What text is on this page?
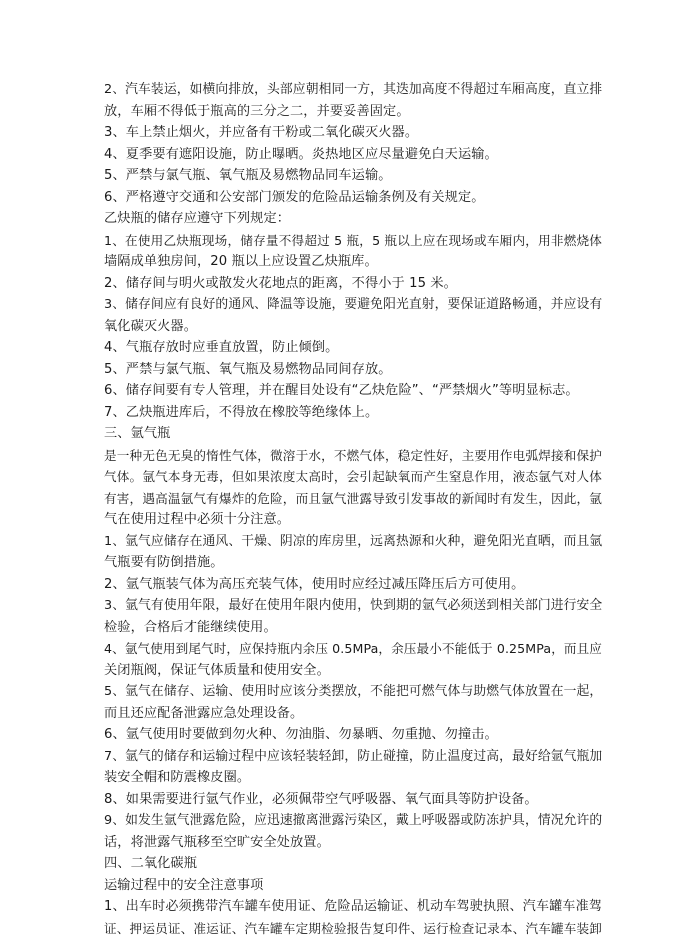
2、汽车装运，如横向排放，头部应朝相同一方，其迭加高度不得超过车厢高度，直立排
放，车厢不得低于瓶高的三分之二，并要妥善固定。
3、车上禁止烟火，并应备有干粉或二氧化碳灭火器。
4、夏季要有遮阳设施，防止曝晒。炎热地区应尽量避免白天运输。
5、严禁与氯气瓶、氧气瓶及易燃物品同车运输。
6、严格遵守交通和公安部门颁发的危险品运输条例及有关规定。
乙炔瓶的储存应遵守下列规定：
1、在使用乙炔瓶现场，储存量不得超过 5 瓶，5 瓶以上应在现场或车厢内，用非燃烧体
墙隔成单独房间，20 瓶以上应设置乙炔瓶库。
2、储存间与明火或散发火花地点的距离，不得小于 15 米。
3、储存间应有良好的通风、降温等设施，要避免阳光直射，要保证道路畅通，并应设有
氧化碳灭火器。
4、气瓶存放时应垂直放置，防止倾倒。
5、严禁与氯气瓶、氧气瓶及易燃物品同间存放。
6、储存间要有专人管理，并在醒目处设有“乙炔危险”、“严禁烟火”等明显标志。
7、乙炔瓶进库后，不得放在橡胶等绝缘体上。
三、氩气瓶
是一种无色无臭的惰性气体，微溶于水，不燃气体，稳定性好，主要用作电弧焊接和保护
气体。氩气本身无毒，但如果浓度太高时，会引起缺氧而产生窒息作用，液态氩气对人体
有害，遇高温氩气有爆炸的危险，而且氩气泄露导致引发事故的新闻时有发生，因此，氩
气在使用过程中必须十分注意。
1、氩气应储存在通风、干燥、阴凉的库房里，远离热源和火种，避免阳光直晒，而且氩
气瓶要有防倒措施。
2、氩气瓶装气体为高压充装气体，使用时应经过减压降压后方可使用。
3、氩气有使用年限，最好在使用年限内使用，快到期的氩气必须送到相关部门进行安全
检验，合格后才能继续使用。
4、氩气使用到尾气时，应保持瓶内余压 0.5MPa，余压最小不能低于 0.25MPa，而且应
关闭瓶阀，保证气体质量和使用安全。
5、氩气在储存、运输、使用时应该分类摆放，不能把可燃气体与助燃气体放置在一起，
而且还应配备泄露应急处理设备。
6、氩气使用时要做到勿火种、勿油脂、勿暴晒、勿重抛、勿撞击。
7、氩气的储存和运输过程中应该轻装轻卸，防止碰撞，防止温度过高，最好给氩气瓶加
装安全帽和防震橡皮圈。
8、如果需要进行氩气作业，必须佩带空气呼吸器、氧气面具等防护设备。
9、如发生氩气泄露危险，应迅速撤离泄露污染区，戴上呼吸器或防冻护具，情况允许的
话，将泄露气瓶移至空旷安全处放置。
四、二氧化碳瓶
运输过程中的安全注意事项
1、出车时必须携带汽车罐车使用证、危险品运输证、机动车驾驶执照、汽车罐车准驾
证、押运员证、准运证、汽车罐车定期检验报告复印件、运行检查记录本、汽车罐车装卸
